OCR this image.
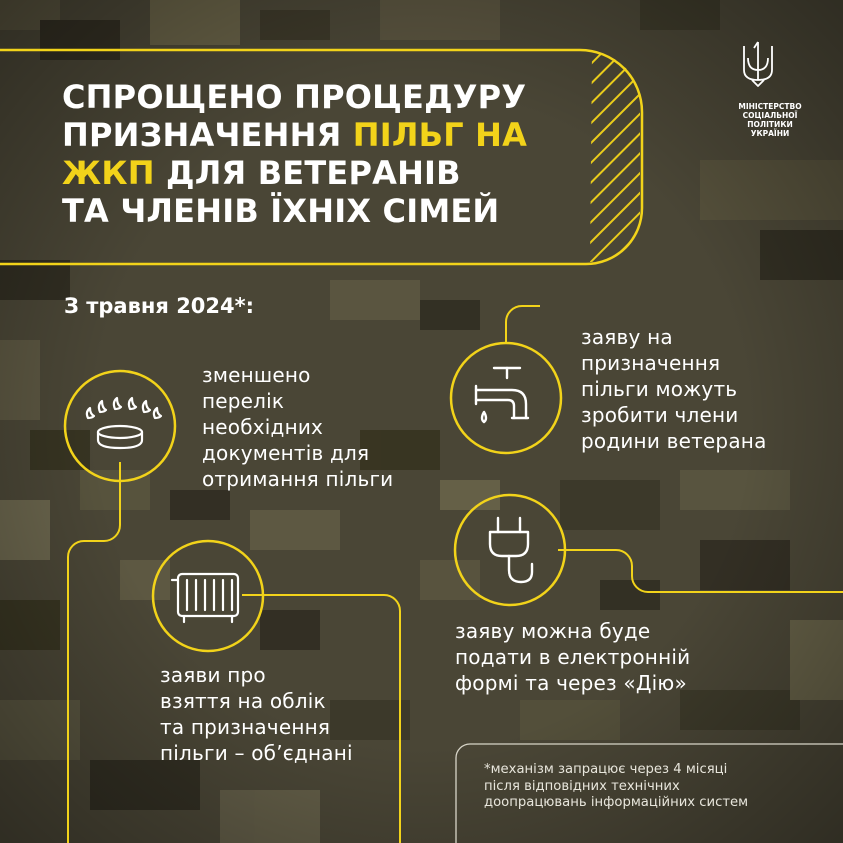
СПРОЩЕНО ПРОЦЕДУРУ
ПРИЗНАЧЕННЯ ПІЛЬГ НА
ЖКП ДЛЯ ВЕТЕРАНІВ
ТА ЧЛЕНІВ ЇХНІХ СІМЕЙ
МІНІСТЕРСТВО
СОЦІАЛЬНОЇ ПОЛІТИКИ
УКРАЇНИ
З травня 2024*:
зменшено
перелік
необхідних
документів для
отримання пільги
заяву на
призначення
пільги можуть
зробити члени
родини ветерана
заяви про
взяття на облік
та призначення
пільги – об’єднані
заяву можна буде
подати в електронній
формі та через «Дію»
*механізм запрацює через 4 місяці
після відповідних технічних
доопрацювань інформаційних систем
